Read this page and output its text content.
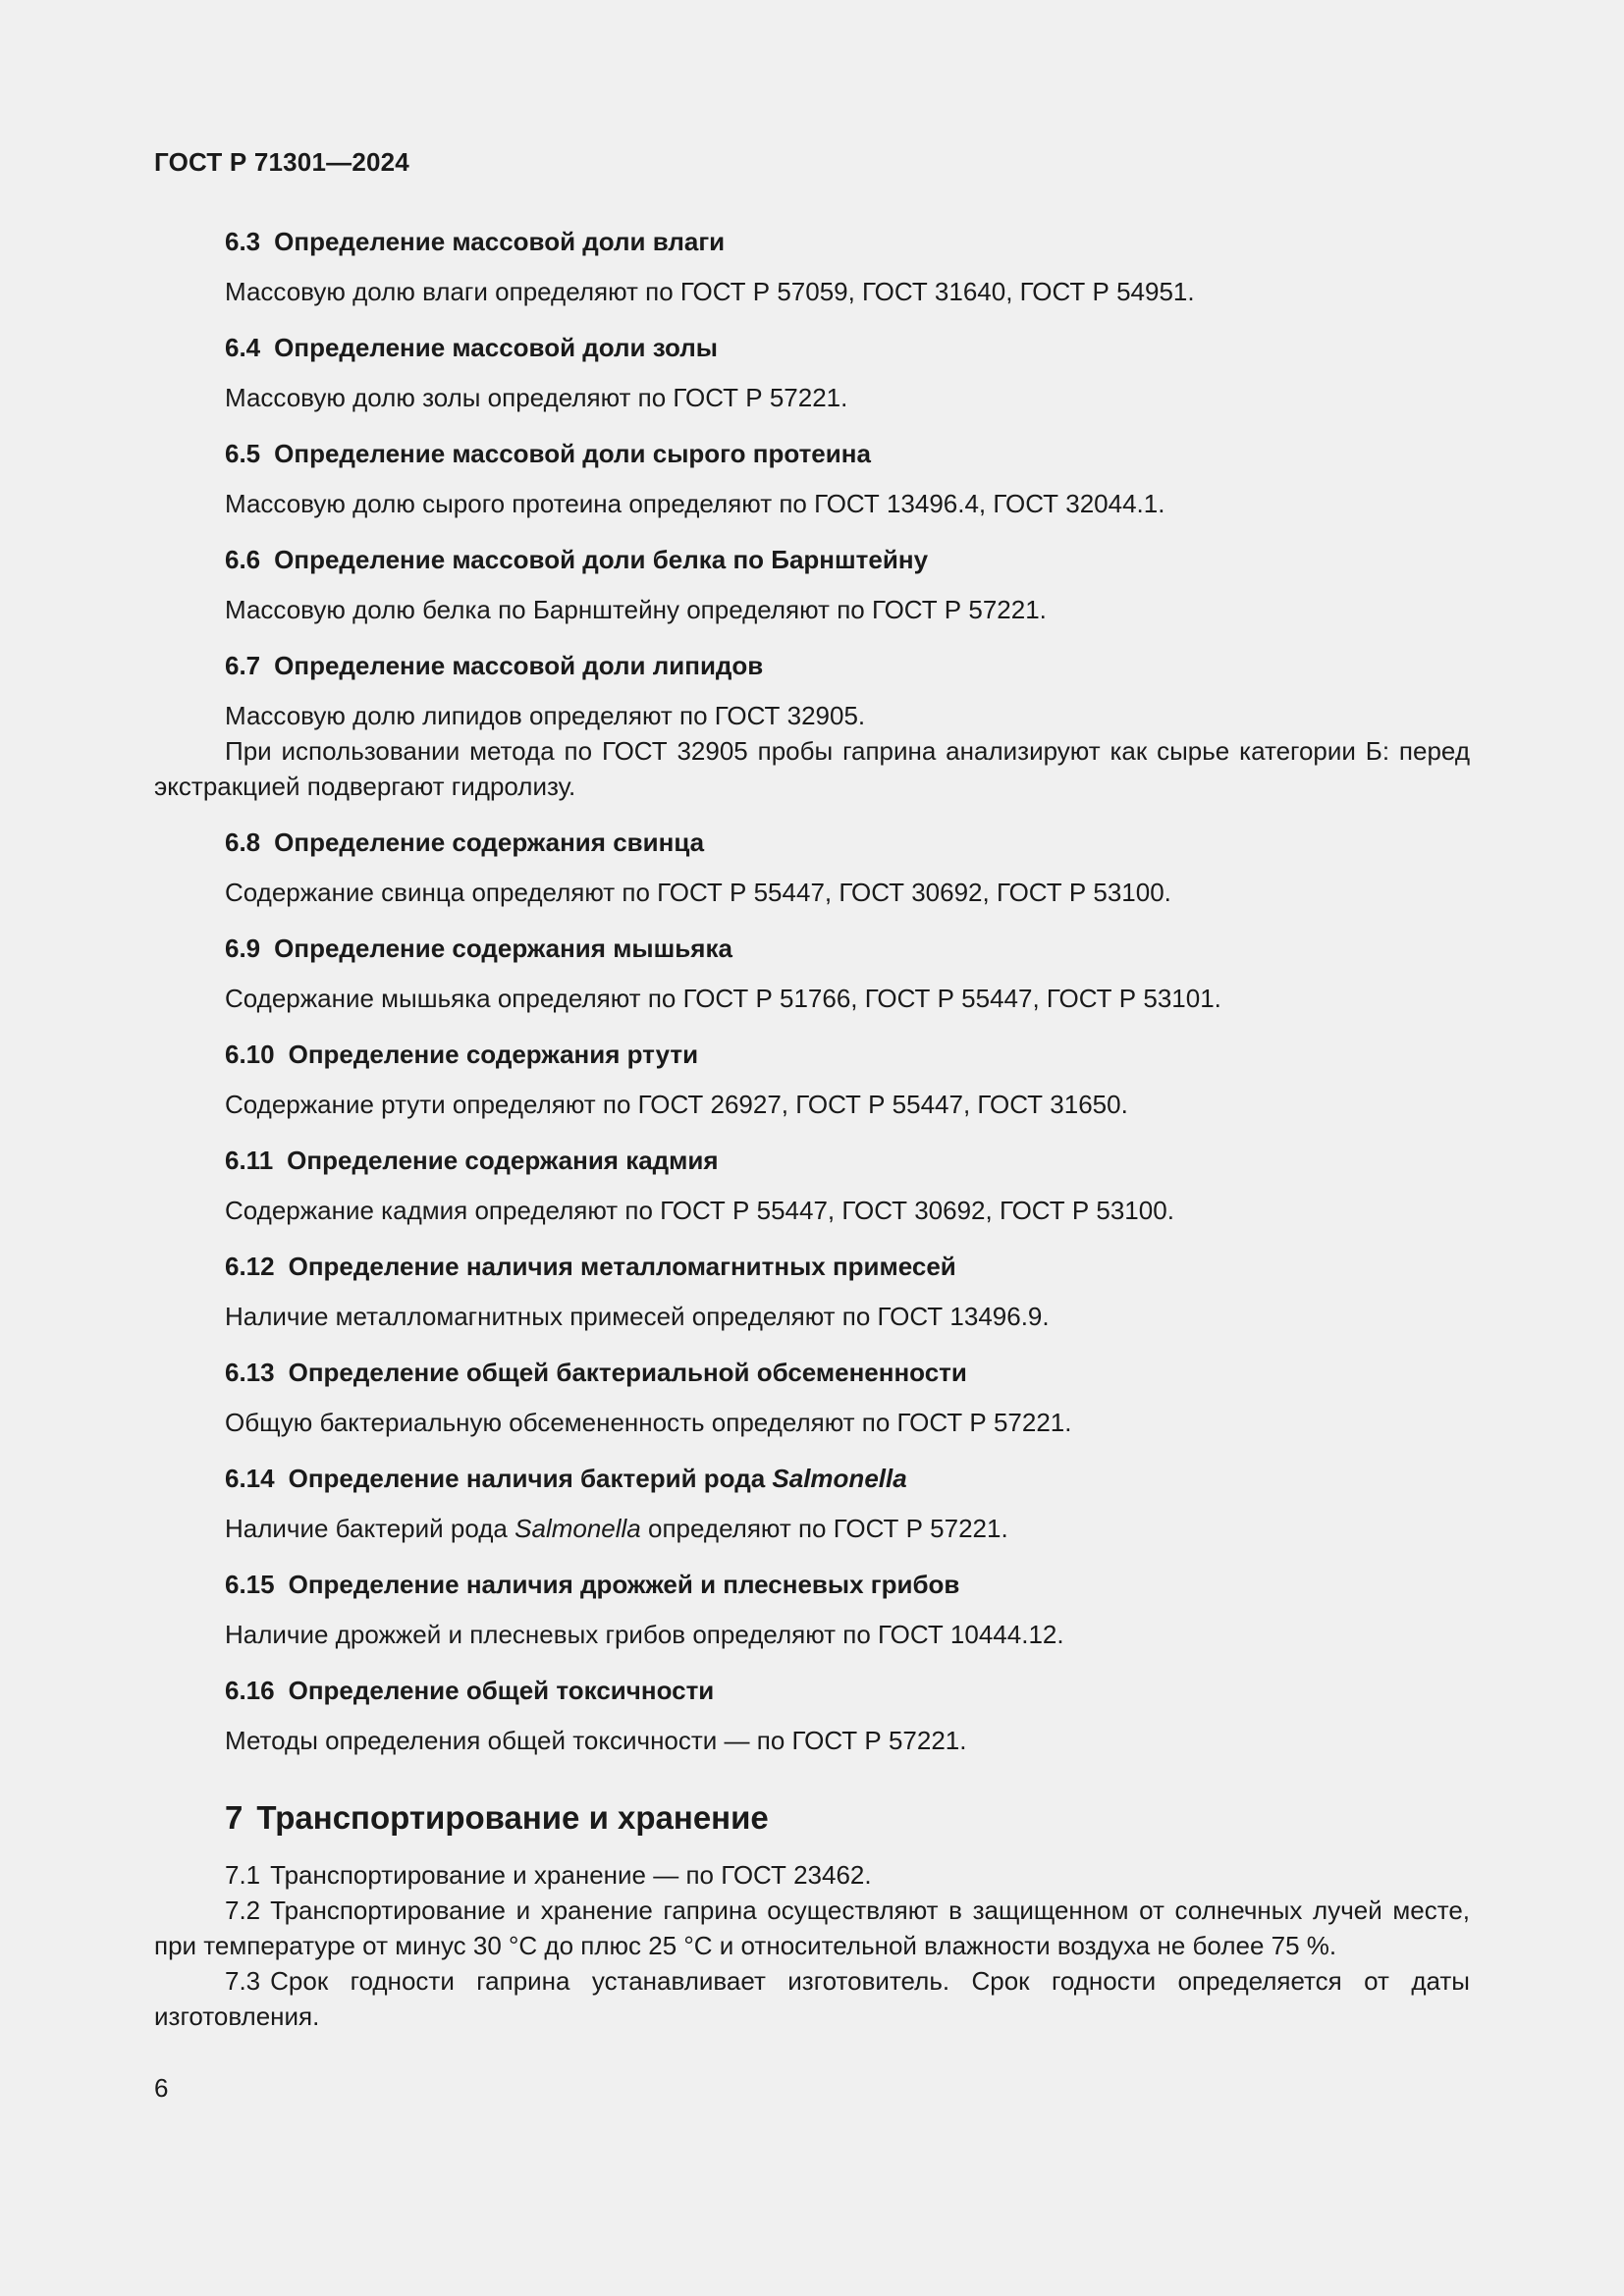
ГОСТ Р 71301—2024
6.3 Определение массовой доли влаги

Массовую долю влаги определяют по ГОСТ Р 57059, ГОСТ 31640, ГОСТ Р 54951.

6.4 Определение массовой доли золы

Массовую долю золы определяют по ГОСТ Р 57221.

6.5 Определение массовой доли сырого протеина

Массовую долю сырого протеина определяют по ГОСТ 13496.4, ГОСТ 32044.1.

6.6 Определение массовой доли белка по Барнштейну

Массовую долю белка по Барнштейну определяют по ГОСТ Р 57221.

6.7 Определение массовой доли липидов

Массовую долю липидов определяют по ГОСТ 32905.

При использовании метода по ГОСТ 32905 пробы гаприна анализируют как сырье категории Б: перед экстракцией подвергают гидролизу.

6.8 Определение содержания свинца

Содержание свинца определяют по ГОСТ Р 55447, ГОСТ 30692, ГОСТ Р 53100.

6.9 Определение содержания мышьяка

Содержание мышьяка определяют по ГОСТ Р 51766, ГОСТ Р 55447, ГОСТ Р 53101.

6.10 Определение содержания ртути

Содержание ртути определяют по ГОСТ 26927, ГОСТ Р 55447, ГОСТ 31650.

6.11 Определение содержания кадмия

Содержание кадмия определяют по ГОСТ Р 55447, ГОСТ 30692, ГОСТ Р 53100.

6.12 Определение наличия металломагнитных примесей

Наличие металломагнитных примесей определяют по ГОСТ 13496.9.

6.13 Определение общей бактериальной обсемененности

Общую бактериальную обсемененность определяют по ГОСТ Р 57221.

6.14 Определение наличия бактерий рода Salmonella

Наличие бактерий рода Salmonella определяют по ГОСТ Р 57221.

6.15 Определение наличия дрожжей и плесневых грибов

Наличие дрожжей и плесневых грибов определяют по ГОСТ 10444.12.

6.16 Определение общей токсичности

Методы определения общей токсичности — по ГОСТ Р 57221.

7 Транспортирование и хранение

7.1 Транспортирование и хранение — по ГОСТ 23462.

7.2 Транспортирование и хранение гаприна осуществляют в защищенном от солнечных лучей месте, при температуре от минус 30 °С до плюс 25 °С и относительной влажности воздуха не более 75 %.

7.3 Срок годности гаприна устанавливает изготовитель. Срок годности определяется от даты изготовления.

6
